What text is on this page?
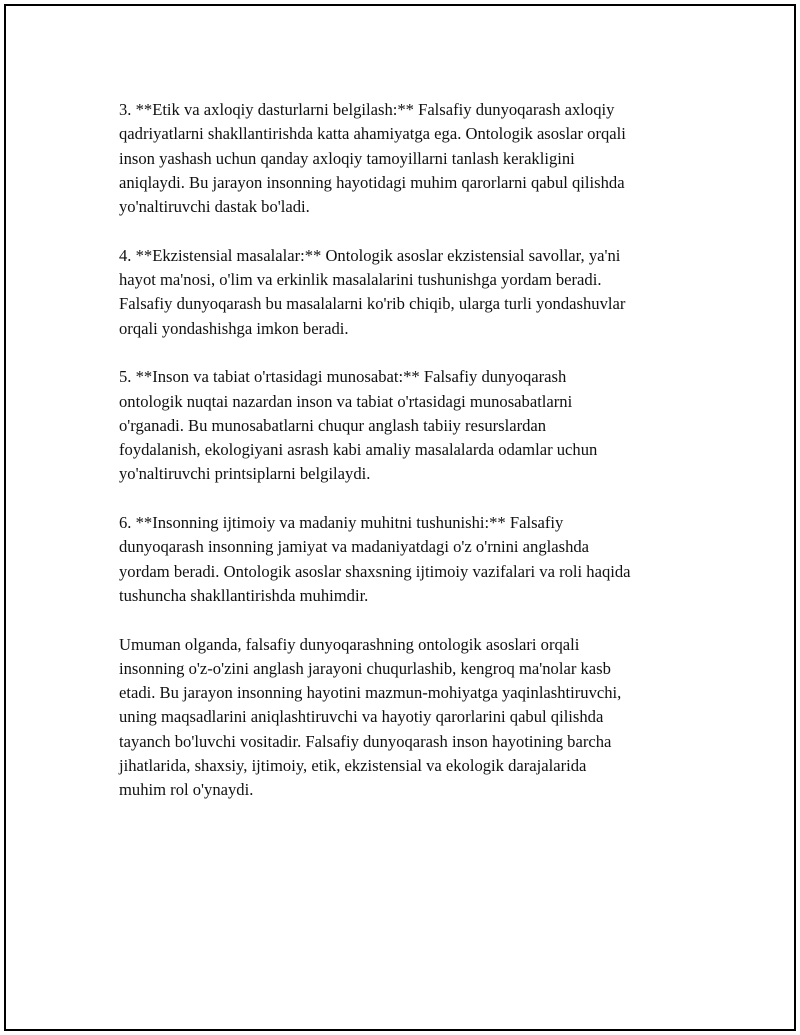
3. **Etik va axloqiy dasturlarni belgilash:** Falsafiy dunyoqarash axloqiy
qadriyatlarni shakllantirishda katta ahamiyatga ega. Ontologik asoslar orqali
inson yashash uchun qanday axloqiy tamoyillarni tanlash kerakligini
aniqlaydi. Bu jarayon insonning hayotidagi muhim qarorlarni qabul qilishda
yo'naltiruvchi dastak bo'ladi.

4. **Ekzistensial masalalar:** Ontologik asoslar ekzistensial savollar, ya'ni
hayot ma'nosi, o'lim va erkinlik masalalarini tushunishga yordam beradi.
Falsafiy dunyoqarash bu masalalarni ko'rib chiqib, ularga turli yondashuvlar
orqali yondashishga imkon beradi.

5. **Inson va tabiat o'rtasidagi munosabat:** Falsafiy dunyoqarash
ontologik nuqtai nazardan inson va tabiat o'rtasidagi munosabatlarni
o'rganadi. Bu munosabatlarni chuqur anglash tabiiy resurslardan
foydalanish, ekologiyani asrash kabi amaliy masalalarda odamlar uchun
yo'naltiruvchi printsiplarni belgilaydi.

6. **Insonning ijtimoiy va madaniy muhitni tushunishi:** Falsafiy
dunyoqarash insonning jamiyat va madaniyatdagi o'z o'rnini anglashda
yordam beradi. Ontologik asoslar shaxsning ijtimoiy vazifalari va roli haqida
tushuncha shakllantirishda muhimdir.

Umuman olganda, falsafiy dunyoqarashning ontologik asoslari orqali
insonning o'z-o'zini anglash jarayoni chuqurlashib, kengroq ma'nolar kasb
etadi. Bu jarayon insonning hayotini mazmun-mohiyatga yaqinlashtiruvchi,
uning maqsadlarini aniqlashtiruvchi va hayotiy qarorlarini qabul qilishda
tayanch bo'luvchi vositadir. Falsafiy dunyoqarash inson hayotining barcha
jihatlarida, shaxsiy, ijtimoiy, etik, ekzistensial va ekologik darajalarida
muhim rol o'ynaydi.
